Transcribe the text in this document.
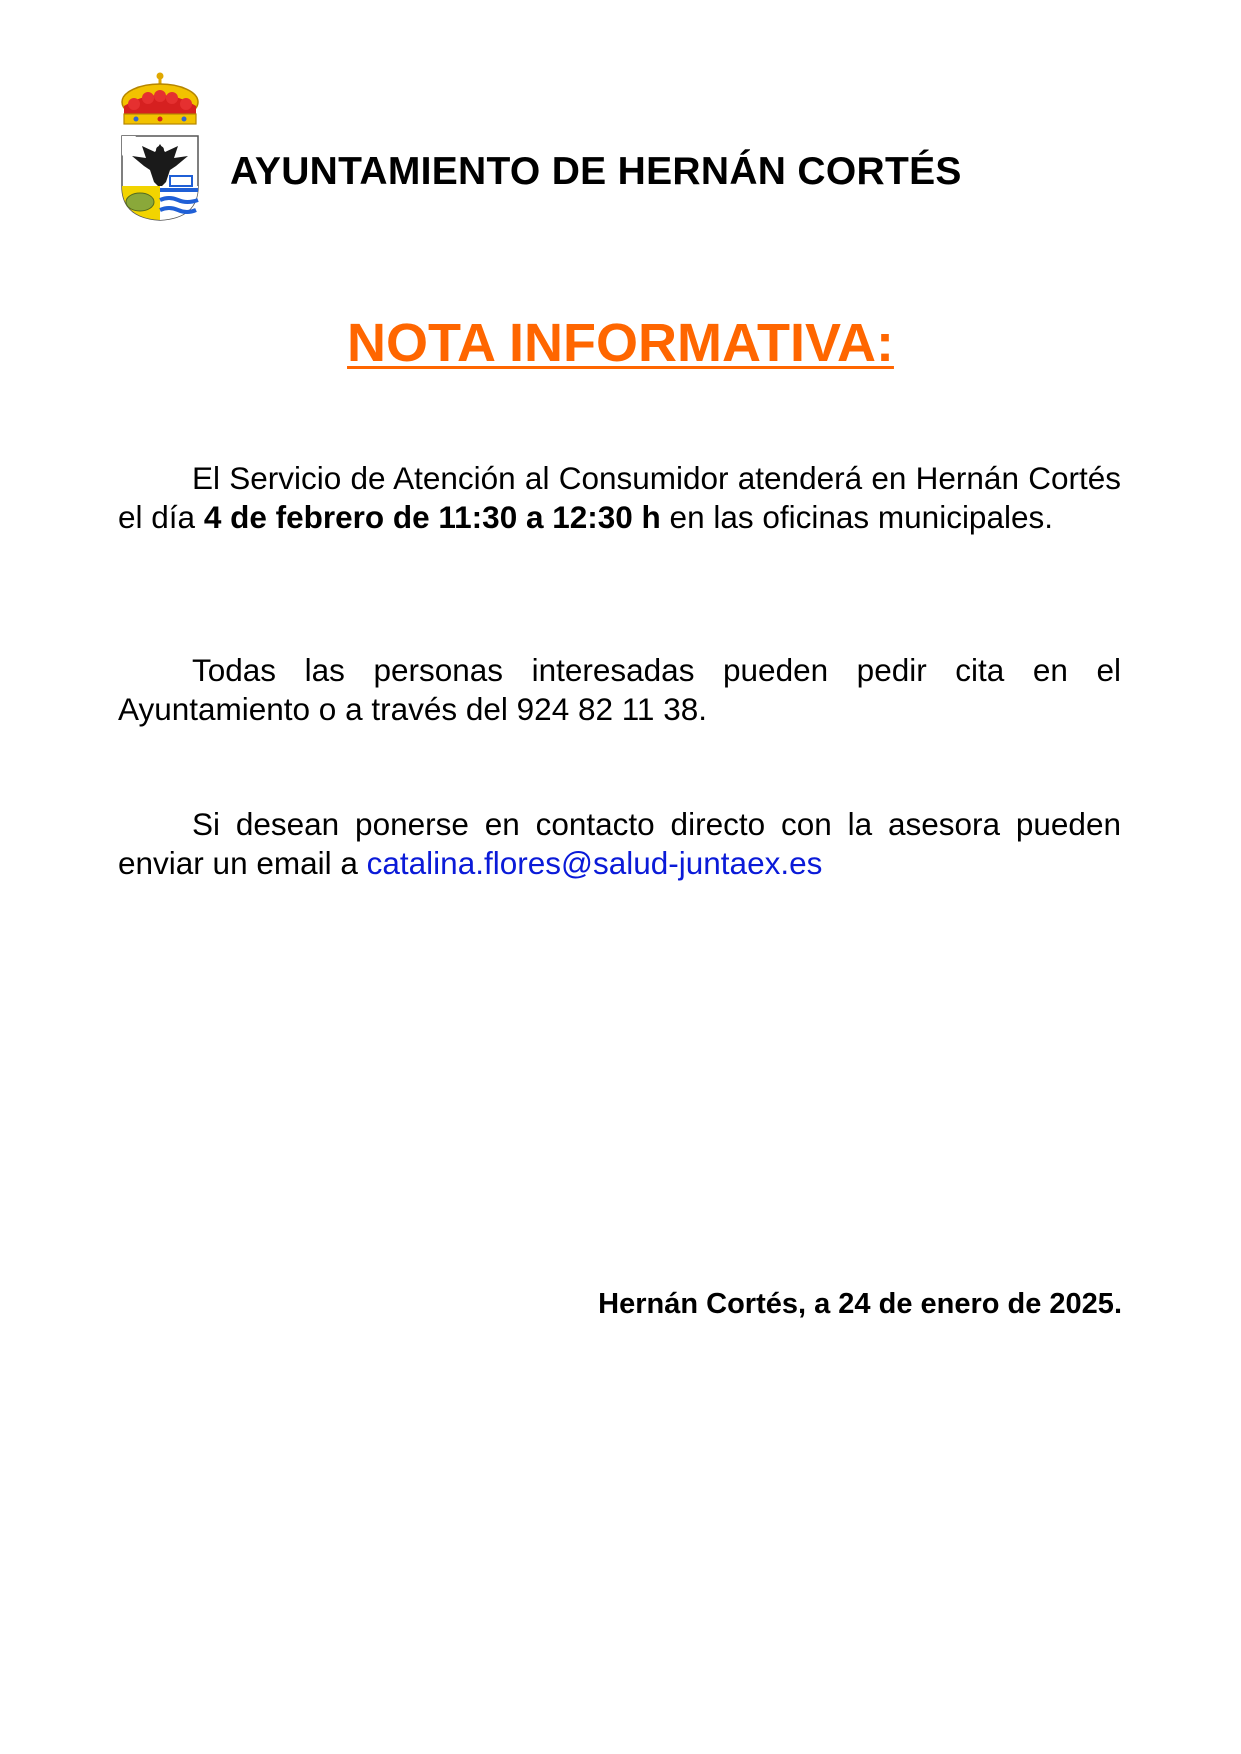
AYUNTAMIENTO DE HERNÁN CORTÉS
NOTA INFORMATIVA:
El Servicio de Atención al Consumidor atenderá en Hernán Cortés el día 4 de febrero de 11:30 a 12:30 h en las oficinas municipales.
Todas las personas interesadas pueden pedir cita en el Ayuntamiento o a través del 924 82 11 38.
Si desean ponerse en contacto directo con la asesora pueden enviar un email a catalina.flores@salud-juntaex.es
Hernán Cortés, a 24 de enero de 2025.
